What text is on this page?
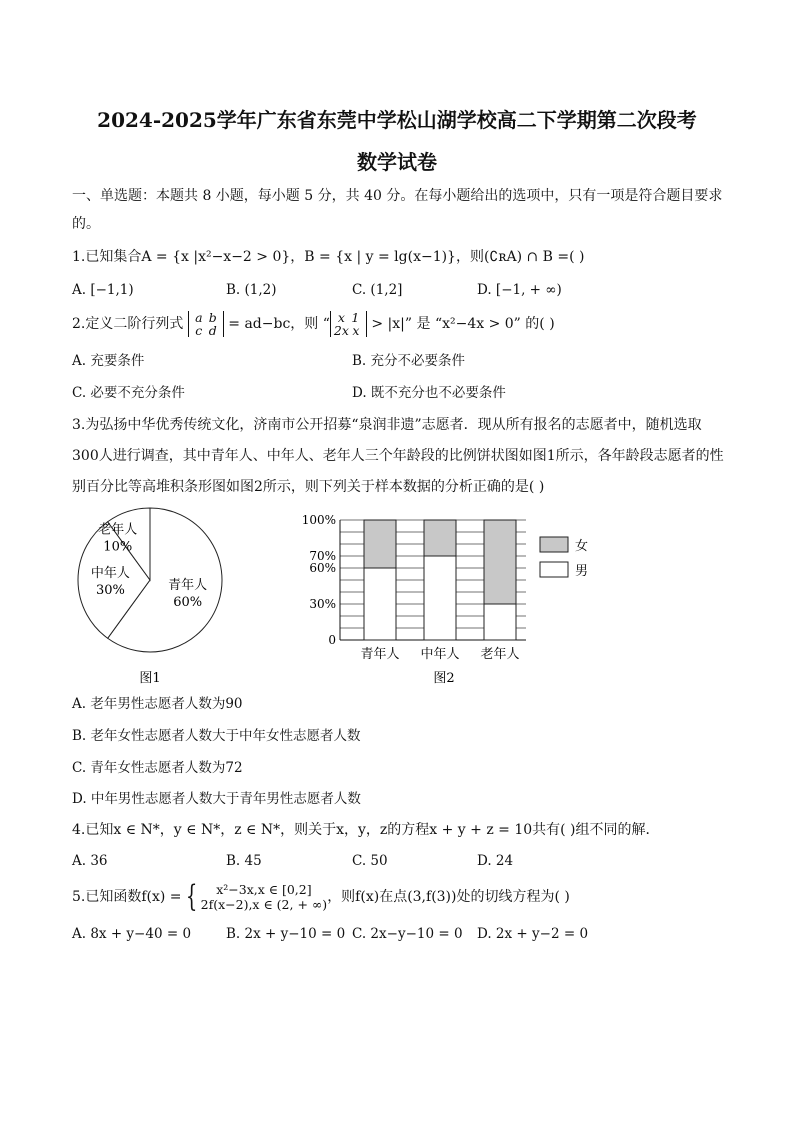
2024-2025学年广东省东莞中学松山湖学校高二下学期第二次段考
数学试卷
一、单选题：本题共 8 小题，每小题 5 分，共 40 分。在每小题给出的选项中，只有一项是符合题目要求
的。
1.已知集合A = {x |x²−x−2 > 0}，B = {x | y = lg(x−1)}，则(∁ʀA) ∩ B =( )
A. [−1,1)	B. (1,2)	C. (1,2]	D. [−1, + ∞)
2.定义二阶行列式 a b
c d = ad−bc，则 “ x 1
2x x > |x|” 是 “x²−4x > 0” 的( )
A. 充要条件	B. 充分不必要条件
C. 必要不充分条件	D. 既不充分也不必要条件
3.为弘扬中华优秀传统文化，济南市公开招募“泉润非遗”志愿者．现从所有报名的志愿者中，随机选取
300人进行调查，其中青年人、中年人、老年人三个年龄段的比例饼状图如图1所示，各年龄段志愿者的性
别百分比等高堆积条形图如图2所示，则下列关于样本数据的分析正确的是( )
青年人
60%
中年人
30%
老年人
10%
图1
0
30%
60%
70%
100%
青年人 中年人 老年人
女
男
图2
A. 老年男性志愿者人数为90
B. 老年女性志愿者人数大于中年女性志愿者人数
C. 青年女性志愿者人数为72
D. 中年男性志愿者人数大于青年男性志愿者人数
4.已知x ∈ N*，y ∈ N*，z ∈ N*，则关于x，y，z的方程x + y + z = 10共有( )组不同的解．
A. 36	B. 45	C. 50	D. 24
5.已知函数f(x) = {	x²−3x,x ∈ [0,2]
2f(x−2),x ∈ (2, + ∞) ，则f(x)在点(3,f(3))处的切线方程为( )
A. 8x + y−40 = 0	B. 2x + y−10 = 0 C. 2x−y−10 = 0 D. 2x + y−2 = 0
